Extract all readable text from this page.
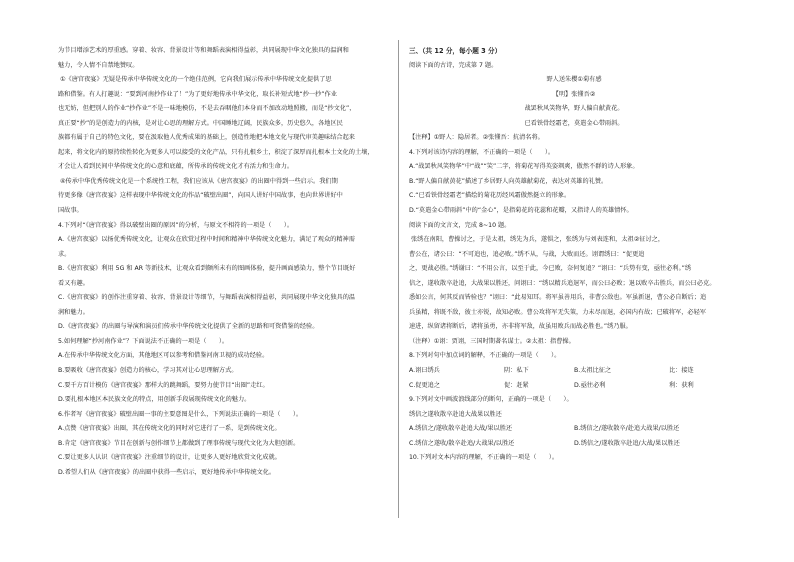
为节目增添艺术的厚重感。穿着、妆容、背景设计等和舞蹈表演相得益彰，共同展现中华文化独具的温润和

魅力，令人情不自禁地赞叹。

①《唐宫夜宴》无疑是传承中华传统文化的一个绝佳范例，它向我们展示传承中华传统文化提供了思

路和借鉴。有人打趣说：“要到河南抄作业了！”为了更好地传承中华文化，取长补短式地“抄一抄”作业

也无妨，但把别人的作业“抄作业”不是一味地模仿，不是去吞咽他们本身而不加改动地照搬，而是“抄文化”，

真正要“抄”的是创造力的内核，是对让心思的理解方式。中国睡地辽阔，民族众多，历史悠久，各地区民

族都有属于自己的特色文化，要在汲取他人优秀成果的基础上，创造性地把本地文化与现代审美趣味结合起来

起来，将文化内的原持续性转化为更多人可以接受的文化产品，只有扎根乡土，积淀了深厚而扎根本土文化的土壤，

才会让人看到民间中华传统文化的心意和底蕴，所传承的传统文化才有活力和生命力。

④传承中华优秀传统文化是一个系统性工程，我们应该从《唐宫夜宴》的出圈中得到一些启示。我们期

待更多像《唐宫夜宴》这样表现中华传统文化的作品“破壁出圈”，向国人讲好中国故事，也向世界讲好中

国故事。

4.下列对“《唐宫夜宴》得以破壁出圈的原因”的分析，与原文不相符的一项是（　　）。

A.《唐宫夜宴》以扬优秀传统文化，让观众在欣赏过程中时间和精神中华传统文化魅力，满足了观众的精神需

求。

B.《唐宫夜宴》利用 5G 和 AR 等新技术，让观众看到颇所未有的图画体验，提升画面感染力，整个节目既好

看又有趣。

C.《唐宫夜宴》的创作注重穿着、妆容、背景设计等细节，与舞蹈表演相得益彰，共同展现中华文化独具的温

润和魅力。

D.《唐宫夜宴》的出圈与导演和演员们传承中华传统文化提供了全新的思路和可资借鉴的经验。

5.如何理解“抄河南作业”？下面说法不正确的一项是（　　）。

A.在传承中华传统文化方面，其他地区可以参考和借鉴河南卫视的成功经验。

B.要吸收《唐宫夜宴》创造力的核心，学习其对让心思理解方式。

C.要千方百计模仿《唐宫夜宴》那样大的跳舞蹈，要努力使节目“出圈”走红。

D.要扎根本地区本民族文化的特点，用创新手段展现传统文化的魅力。

6.作者写《唐宫夜宴》破壁出圈一事的主要意图是什么，下列说法正确的一项是（　　）。

A.点赞《唐宫夜宴》出圈，其在传统文化的同时对它进行了一系，是到传统文化。

B.肯定《唐宫夜宴》节目在创新与创作细节上都做到了理事传统与现代文化为大胆创新。

C.要让更多人认识《唐宫夜宴》注重细节的设计，让更多人更好地欣赏文化成就。

D.希望人们从《唐宫夜宴》的出圈中获得一些启示，更好地传承中华传统文化。

三、（共 12 分，每小题 3 分）

阅读下面的古诗，完成第 7 题。

野人送朱樱①菊有感

【明】张懂吾②

战罢秋风笑物华，野人偏自献黄花。

已看铁骨经霜老，莫遣金心带雨斜。

【注释】①野人：隐居者。②张懂吾：抗清名将。

4.下列对该诗内容的理解，不正确的一项是（　　）。

A.“战罢秋风笑物华”中“战”“笑”二字，将菊花写得英姿飒爽，傲然不群的诗人形象。

B.“野人偏自献黄花”描述了乡居野人向英雄献菊花，表达对英雄的礼赞。

C.“已看铁骨经霜老”描绘的菊花历经风霜傲然挺立的形象。

D.“莫遣金心带雨斜”中的“金心”，是指菊花的花蕊和花瓣，又指诗人的英雄情怀。

阅读下面的文言文，完成 8~10 题。

张绣在南阳，曹操讨之，于是太祖，绣先为兵，遂惧之，张绣为与刘表连和，太祖②征讨之，

曹公在，诸公曰：“不可追也，追必败。”绣不从，与战，大败而还。诩谓绣曰：“促更追

之，更战必胜。”绣谢曰：“不用公言，以至于此，今已败，奈何复追？”诩曰：“兵势有变，亟往必利。”绣

信之，遂收散卒赴追，大战果以胜还，问诩曰：“绣以精兵追退军，而公曰必败；退以败卒击胜兵，而公曰必克。

悉如公言，何其反而皆验也？”诩曰：“此易知耳。将军虽善用兵，非曹公敌也。军虽新退，曹公必自断后；追

兵虽精，将既不敌，彼士亦锐，故知必败。曹公攻将军无失策，力未尽而退，必国内有故；已破将军，必轻军

速进，纵留诸将断后，诸将虽勇，亦非将军敌，故虽用败兵而战必胜也。”绣乃服。

（注释）①诩：贾诩，三国时期著名谋士。②太祖：指曹操。

8.下列对句中加点词的解释，不正确的一项是（　　）。

A.诩曰绣兵	阴：私下	B.太祖比征之	比：接连

C.促更追之	促：赶紧	D.亟往必利	利：获利

9.下列对文中画波浪线部分的断句，正确的一项是（　　）。

绣信之遂收散卒赴追大战果以胜还

A.绣信之/遂收散卒赴追大战/果以胜还	B.绣信之/遂收散卒/赴追大战果/以胜还

C.绣信之遂收/散卒赴追/大战果/以胜还	D.绣信之/遂收散卒赴追/大战/果以胜还

10.下列对文本内容的理解，不正确的一项是（　　）。
